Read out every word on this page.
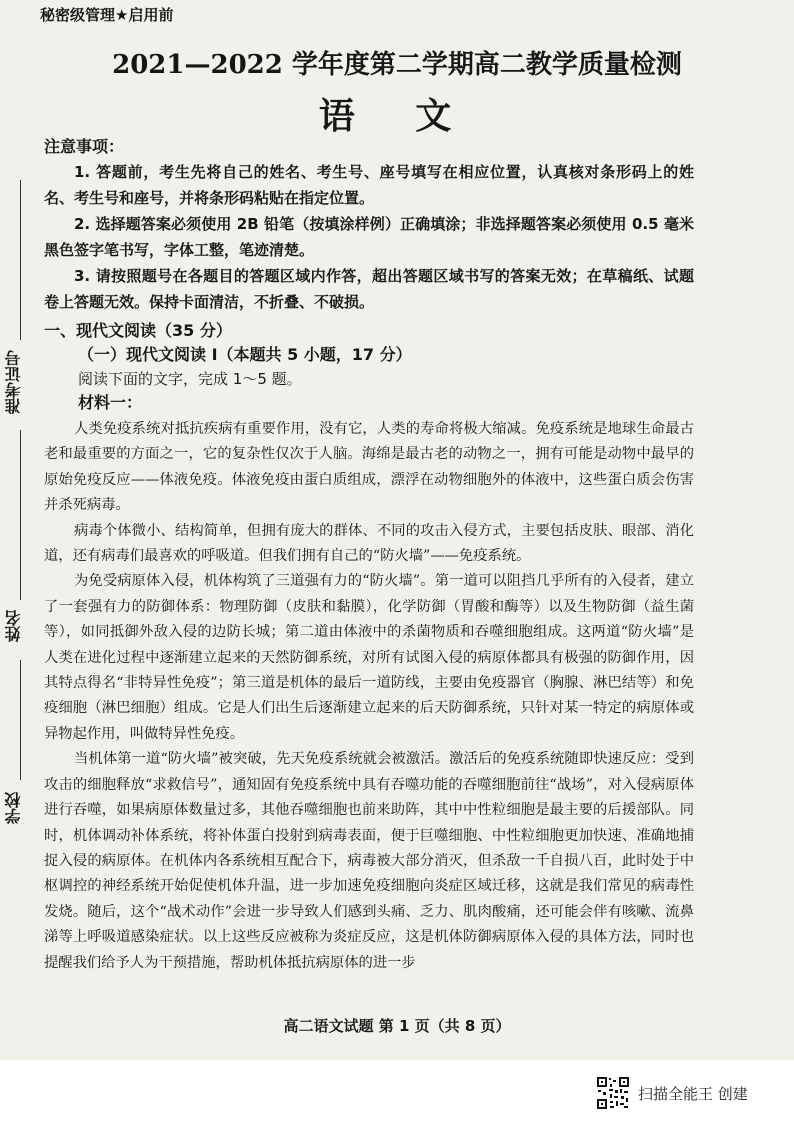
准考证号
姓名
学校
秘密级管理★启用前
2021—2022 学年度第二学期高二教学质量检测
语 文
注意事项：

1. 答题前，考生先将自己的姓名、考生号、座号填写在相应位置，认真核对条形码上的姓名、考生号和座号，并将条形码粘贴在指定位置。

2. 选择题答案必须使用 2B 铅笔（按填涂样例）正确填涂；非选择题答案必须使用 0.5 毫米黑色签字笔书写，字体工整，笔迹清楚。

3. 请按照题号在各题目的答题区域内作答，超出答题区域书写的答案无效；在草稿纸、试题卷上答题无效。保持卡面清洁，不折叠、不破损。

一、现代文阅读（35 分）
（一）现代文阅读 I（本题共 5 小题，17 分）
阅读下面的文字，完成 1～5 题。
材料一：

人类免疫系统对抵抗疾病有重要作用，没有它，人类的寿命将极大缩减。免疫系统是地球生命最古老和最重要的方面之一，它的复杂性仅次于人脑。海绵是最古老的动物之一，拥有可能是动物中最早的原始免疫反应——体液免疫。体液免疫由蛋白质组成，漂浮在动物细胞外的体液中，这些蛋白质会伤害并杀死病毒。

病毒个体微小、结构简单，但拥有庞大的群体、不同的攻击入侵方式，主要包括皮肤、眼部、消化道，还有病毒们最喜欢的呼吸道。但我们拥有自己的“防火墙”——免疫系统。

为免受病原体入侵，机体构筑了三道强有力的“防火墙”。第一道可以阻挡几乎所有的入侵者，建立了一套强有力的防御体系：物理防御（皮肤和黏膜），化学防御（胃酸和酶等）以及生物防御（益生菌等），如同抵御外敌入侵的边防长城；第二道由体液中的杀菌物质和吞噬细胞组成。这两道“防火墙”是人类在进化过程中逐渐建立起来的天然防御系统，对所有试图入侵的病原体都具有极强的防御作用，因其特点得名“非特异性免疫”；第三道是机体的最后一道防线，主要由免疫器官（胸腺、淋巴结等）和免疫细胞（淋巴细胞）组成。它是人们出生后逐渐建立起来的后天防御系统，只针对某一特定的病原体或异物起作用，叫做特异性免疫。

当机体第一道“防火墙”被突破，先天免疫系统就会被激活。激活后的免疫系统随即快速反应：受到攻击的细胞释放“求救信号”，通知固有免疫系统中具有吞噬功能的吞噬细胞前往“战场”，对入侵病原体进行吞噬，如果病原体数量过多，其他吞噬细胞也前来助阵，其中中性粒细胞是最主要的后援部队。同时，机体调动补体系统，将补体蛋白投射到病毒表面，便于巨噬细胞、中性粒细胞更加快速、准确地捕捉入侵的病原体。在机体内各系统相互配合下，病毒被大部分消灭，但杀敌一千自损八百，此时处于中枢调控的神经系统开始促使机体升温，进一步加速免疫细胞向炎症区域迁移，这就是我们常见的病毒性发烧。随后，这个“战术动作”会进一步导致人们感到头痛、乏力、肌肉酸痛，还可能会伴有咳嗽、流鼻涕等上呼吸道感染症状。以上这些反应被称为炎症反应，这是机体防御病原体入侵的具体方法，同时也提醒我们给予人为干预措施，帮助机体抵抗病原体的进一步

高二语文试题 第 1 页（共 8 页）
扫描全能王 创建
